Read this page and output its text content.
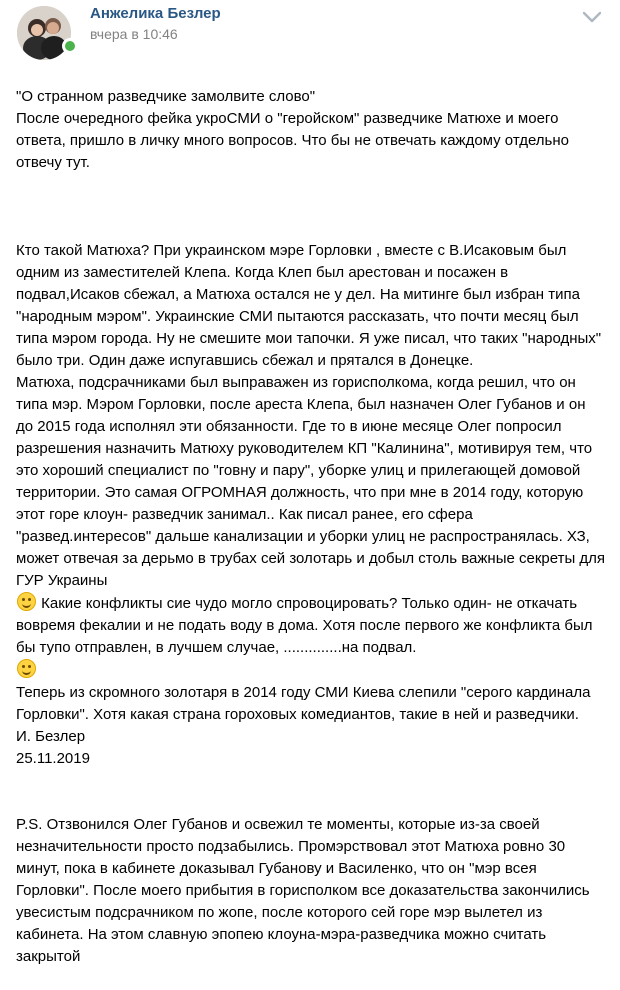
Анжелика Безлер
вчера в 10:46

"О странном разведчике замолвите слово"
После очередного фейка укроСМИ о "геройском" разведчике Матюхе и моего ответа, пришло в личку много вопросов. Что бы не отвечать каждому отдельно отвечу тут.

Кто такой Матюха? При украинском мэре Горловки , вместе с В.Исаковым был одним из заместителей Клепа. Когда Клеп был арестован и посажен в подвал,Исаков сбежал, а Матюха остался не у дел. На митинге был избран типа "народным мэром". Украинские СМИ пытаются рассказать, что почти месяц был типа мэром города. Ну не смешите мои тапочки. Я уже писал, что таких "народных" было три. Один даже испугавшись сбежал и прятался в Донецке.
Матюха, подсрачниками был выправажен из горисполкома, когда решил, что он типа мэр. Мэром Горловки, после ареста Клепа, был назначен Олег Губанов и он до 2015 года исполнял эти обязанности. Где то в июне месяце Олег попросил разрешения назначить Матюху руководителем КП "Калинина", мотивируя тем, что это хороший специалист по "говну и пару", уборке улиц и прилегающей домовой территории. Это самая ОГРОМНАЯ должность, что при мне в 2014 году, которую этот горе клоун- разведчик занимал.. Как писал ранее, его сфера "развед.интересов" дальше канализации и уборки улиц не распространялась. ХЗ, может отвечая за дерьмо в трубах сей золотарь и добыл столь важные секреты для ГУР Украины

Какие конфликты сие чудо могло спровоцировать? Только один- не откачать вовремя фекалии и не подать воду в дома. Хотя после первого же конфликта был бы тупо отправлен, в лучшем случае, ..............на подвал.

Теперь из скромного золотаря в 2014 году СМИ Киева слепили "серого кардинала Горловки". Хотя какая страна гороховых комедиантов, такие в ней и разведчики.
И. Безлер
25.11.2019

P.S. Отзвонился Олег Губанов и освежил те моменты, которые из-за своей незначительности просто подзабылись. Промэрствовал этот Матюха ровно 30 минут, пока в кабинете доказывал Губанову и Василенко, что он "мэр всея Горловки". После моего прибытия в горисполком все доказательства закончились увесистым подсрачником по жопе, после которого сей горе мэр вылетел из кабинета. На этом славную эпопею клоуна-мэра-разведчика можно считать закрытой
